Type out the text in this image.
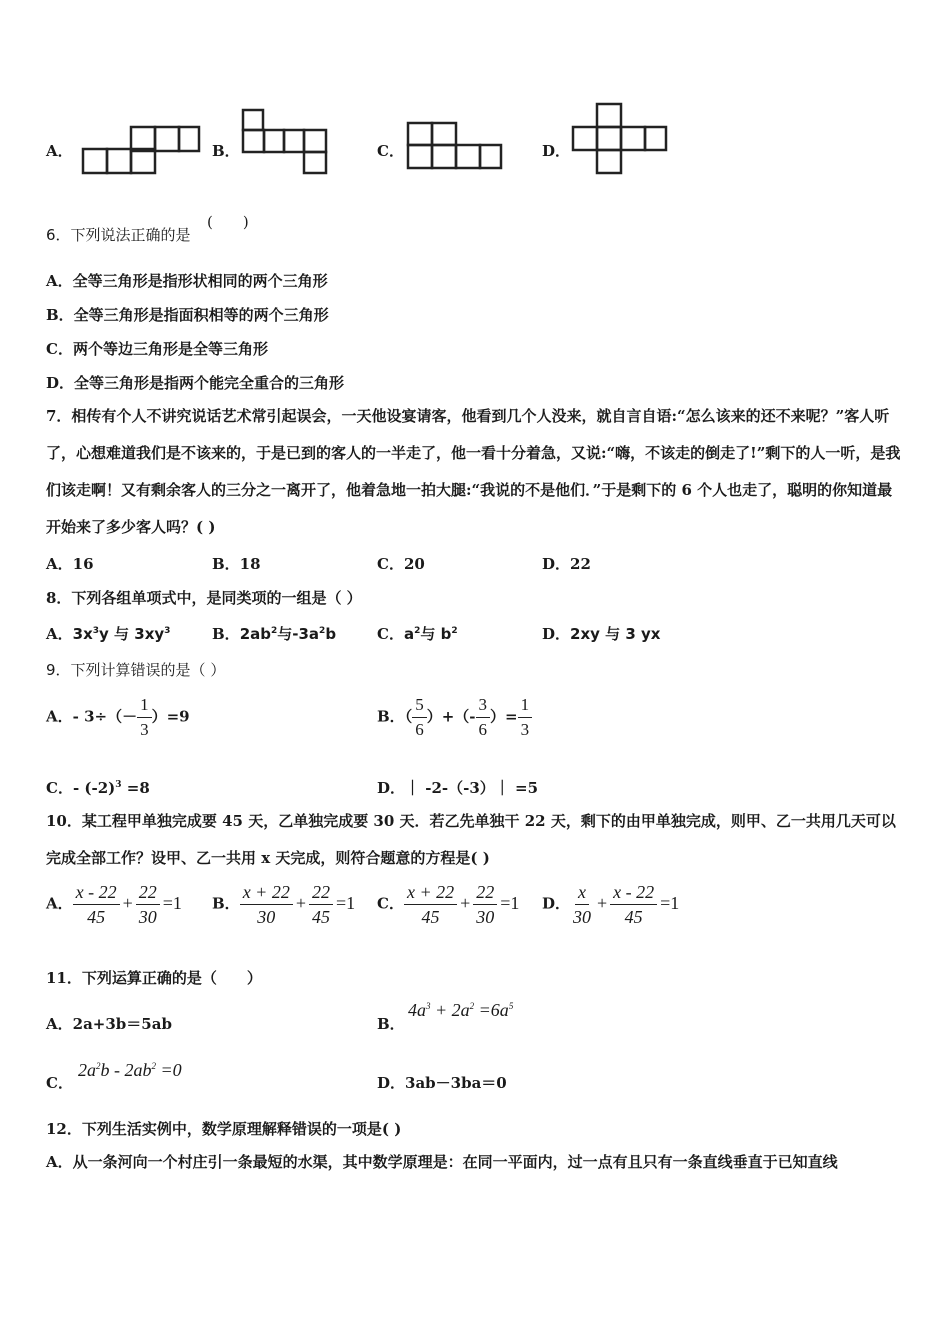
A．	B．	C．	D．
6．下列说法正确的是
(　　)
A．全等三角形是指形状相同的两个三角形
B．全等三角形是指面积相等的两个三角形
C．两个等边三角形是全等三角形
D．全等三角形是指两个能完全重合的三角形
7．相传有个人不讲究说话艺术常引起误会，一天他设宴请客，他看到几个人没来，就自言自语:“怎么该来的还不来呢？”客人听了，心想难道我们是不该来的，于是已到的客人的一半走了，他一看十分着急，又说:“嗨，不该走的倒走了!”剩下的人一听，是我们该走啊！又有剩余客人的三分之一离开了，他着急地一拍大腿:“我说的不是他们．”于是剩下的 6 个人也走了，聪明的你知道最开始来了多少客人吗？( )
A．16	B．18	C．20	D．22
8．下列各组单项式中，是同类项的一组是（ ）
A．$3x^3y$ 与 $3xy^3$	B．$2ab^2$与$-3a^2b$	C．$a^2$与 $b^2$	D．2xy 与 3 yx
9．下列计算错误的是（ ）
A．- $3\div(- \frac{1}{3} )=9$	B．（ $\frac{5}{6}$ ）+（- $\frac{3}{6}$ ）= $\frac{1}{3}$
C．- $(-2)^3 =8$	D．｜ -2-（-3）｜ =5
10．某工程甲单独完成要 45 天，乙单独完成要 30 天．若乙先单独干 22 天，剩下的由甲单独完成，则甲、乙一共用几天可以完成全部工作？设甲、乙一共用 x 天完成，则符合题意的方程是( )
A． $\frac{x - 22}{45} + \frac{22}{30} =1$ B． $\frac{x + 22}{30} + \frac{22}{45} =1$ C． $\frac{x + 22}{45} + \frac{22}{30} =1$ D． $\frac{x}{30} + \frac{x - 22}{45} =1$
11．下列运算正确的是（　　）
A．2a+3b＝5ab	B．
$4a^3 + 2a^2 =6a^5$
C．
$2a^2b - 2ab^2 =0$
D．3ab－3ba＝0
12．下列生活实例中，数学原理解释错误的一项是( )
A．从一条河向一个村庄引一条最短的水渠，其中数学原理是：在同一平面内，过一点有且只有一条直线垂直于已知直线
